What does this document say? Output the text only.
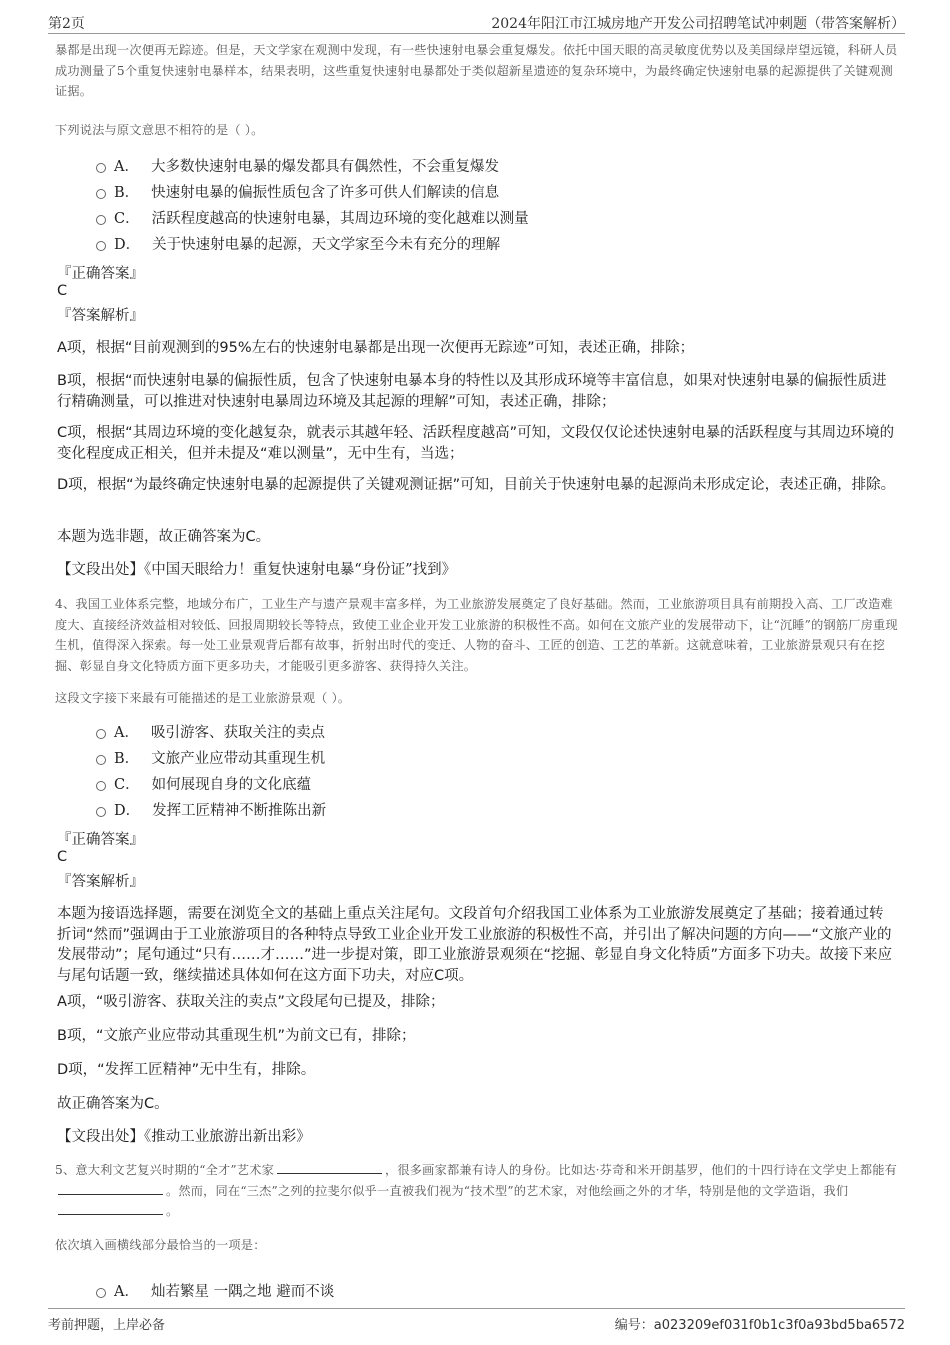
第2页	2024年阳江市江城房地产开发公司招聘笔试冲刺题（带答案解析）
暴都是出现一次便再无踪迹。但是，天文学家在观测中发现，有一些快速射电暴会重复爆发。依托中国天眼的高灵敏度优势以及美国绿岸望远镜，科研人员成功测量了5个重复快速射电暴样本，结果表明，这些重复快速射电暴都处于类似超新星遗迹的复杂环境中，为最终确定快速射电暴的起源提供了关键观测证据。
下列说法与原文意思不相符的是（ ）。
A． 大多数快速射电暴的爆发都具有偶然性，不会重复爆发
B． 快速射电暴的偏振性质包含了许多可供人们解读的信息
C． 活跃程度越高的快速射电暴，其周边环境的变化越难以测量
D． 关于快速射电暴的起源，天文学家至今未有充分的理解
『正确答案』
C
『答案解析』
A项，根据“目前观测到的95%左右的快速射电暴都是出现一次便再无踪迹”可知，表述正确，排除；
B项，根据“而快速射电暴的偏振性质，包含了快速射电暴本身的特性以及其形成环境等丰富信息，如果对快速射电暴的偏振性质进行精确测量，可以推进对快速射电暴周边环境及其起源的理解”可知，表述正确，排除；
C项，根据“其周边环境的变化越复杂，就表示其越年轻、活跃程度越高”可知，文段仅仅论述快速射电暴的活跃程度与其周边环境的变化程度成正相关，但并未提及“难以测量”，无中生有，当选；
D项，根据“为最终确定快速射电暴的起源提供了关键观测证据”可知，目前关于快速射电暴的起源尚未形成定论，表述正确，排除。
本题为选非题，故正确答案为C。
【文段出处】《中国天眼给力！重复快速射电暴“身份证”找到》
4、我国工业体系完整，地域分布广，工业生产与遗产景观丰富多样，为工业旅游发展奠定了良好基础。然而，工业旅游项目具有前期投入高、工厂改造难度大、直接经济效益相对较低、回报周期较长等特点，致使工业企业开发工业旅游的积极性不高。如何在文旅产业的发展带动下，让“沉睡”的钢筋厂房重现生机，值得深入探索。每一处工业景观背后都有故事，折射出时代的变迁、人物的奋斗、工匠的创造、工艺的革新。这就意味着，工业旅游景观只有在挖掘、彰显自身文化特质方面下更多功夫，才能吸引更多游客、获得持久关注。
这段文字接下来最有可能描述的是工业旅游景观（ ）。
A． 吸引游客、获取关注的卖点
B． 文旅产业应带动其重现生机
C． 如何展现自身的文化底蕴
D． 发挥工匠精神不断推陈出新
『正确答案』
C
『答案解析』
本题为接语选择题，需要在浏览全文的基础上重点关注尾句。文段首句介绍我国工业体系为工业旅游发展奠定了基础；接着通过转折词“然而”强调由于工业旅游项目的各种特点导致工业企业开发工业旅游的积极性不高，并引出了解决问题的方向——“文旅产业的发展带动”；尾句通过“只有……才……”进一步提对策，即工业旅游景观须在“挖掘、彰显自身文化特质”方面多下功夫。故接下来应与尾句话题一致，继续描述具体如何在这方面下功夫，对应C项。
A项，“吸引游客、获取关注的卖点”文段尾句已提及，排除；
B项，“文旅产业应带动其重现生机”为前文已有，排除；
D项，“发挥工匠精神”无中生有，排除。
故正确答案为C。
【文段出处】《推动工业旅游出新出彩》
5、意大利文艺复兴时期的“全才”艺术家	，很多画家都兼有诗人的身份。比如达·芬奇和米开朗基罗，他们的十四行诗在文学史上都能有。然而，同在“三杰”之列的拉斐尔似乎一直被我们视为“技术型”的艺术家，对他绘画之外的才华，特别是他的文学造诣，我们。
依次填入画横线部分最恰当的一项是：
A． 灿若繁星 一隅之地 避而不谈
考前押题，上岸必备	编号：a023209ef031f0b1c3f0a93bd5ba6572
